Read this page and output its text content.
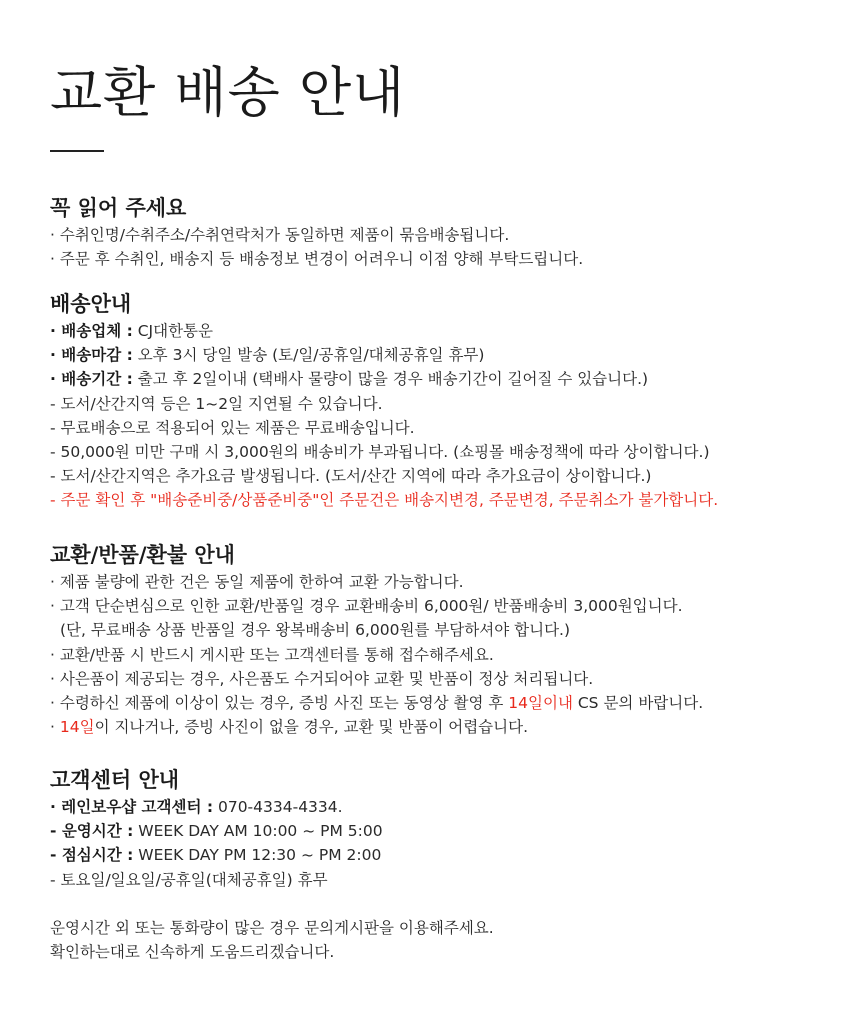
교환 배송 안내
꼭 읽어 주세요
· 수취인명/수취주소/수취연락처가 동일하면 제품이 묶음배송됩니다.
· 주문 후 수취인, 배송지 등 배송정보 변경이 어려우니 이점 양해 부탁드립니다.
배송안내
· 배송업체 : CJ대한통운
· 배송마감 : 오후 3시 당일 발송 (토/일/공휴일/대체공휴일 휴무)
· 배송기간 : 출고 후 2일이내 (택배사 물량이 많을 경우 배송기간이 길어질 수 있습니다.)
- 도서/산간지역 등은 1~2일 지연될 수 있습니다.
- 무료배송으로 적용되어 있는 제품은 무료배송입니다.
- 50,000원 미만 구매 시 3,000원의 배송비가 부과됩니다. (쇼핑몰 배송정책에 따라 상이합니다.)
- 도서/산간지역은 추가요금 발생됩니다. (도서/산간 지역에 따라 추가요금이 상이합니다.)
- 주문 확인 후 "배송준비중/상품준비중"인 주문건은 배송지변경, 주문변경, 주문취소가 불가합니다.
교환/반품/환불 안내
· 제품 불량에 관한 건은 동일 제품에 한하여 교환 가능합니다.
· 고객 단순변심으로 인한 교환/반품일 경우 교환배송비 6,000원/ 반품배송비 3,000원입니다.
(단, 무료배송 상품 반품일 경우 왕복배송비 6,000원를 부담하셔야 합니다.)
· 교환/반품 시 반드시 게시판 또는 고객센터를 통해 접수해주세요.
· 사은품이 제공되는 경우, 사은품도 수거되어야 교환 및 반품이 정상 처리됩니다.
· 수령하신 제품에 이상이 있는 경우, 증빙 사진 또는 동영상 촬영 후 14일이내 CS 문의 바랍니다.
· 14일이 지나거나, 증빙 사진이 없을 경우, 교환 및 반품이 어렵습니다.
고객센터 안내
· 레인보우샵 고객센터 : 070-4334-4334.
- 운영시간 : WEEK DAY AM 10:00 ~ PM 5:00
- 점심시간 : WEEK DAY PM 12:30 ~ PM 2:00
- 토요일/일요일/공휴일(대체공휴일) 휴무
운영시간 외 또는 통화량이 많은 경우 문의게시판을 이용해주세요.
확인하는대로 신속하게 도움드리겠습니다.
